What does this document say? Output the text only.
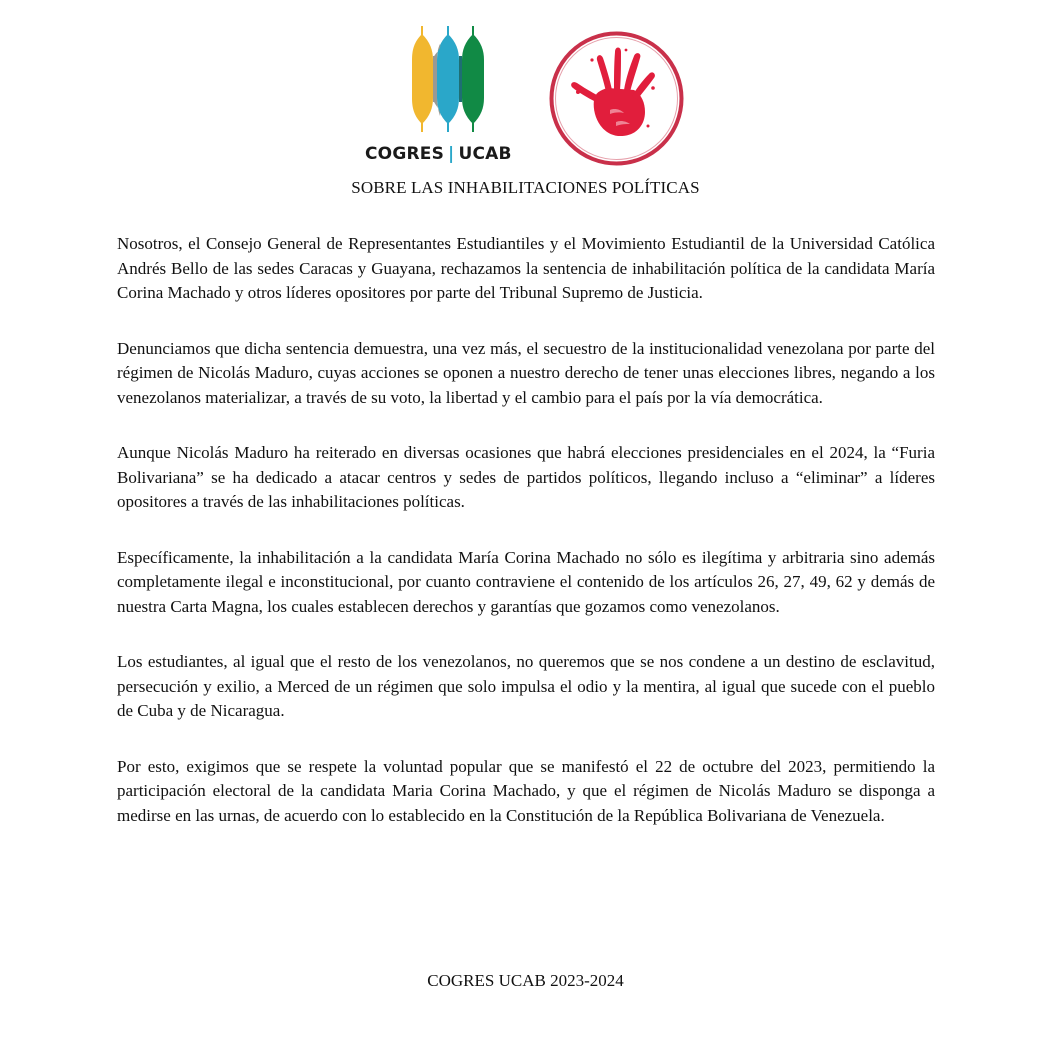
COGRES | UCAB
SOBRE LAS INHABILITACIONES POLÍTICAS

Nosotros, el Consejo General de Representantes Estudiantiles y el Movimiento Estudiantil de la Universidad Católica Andrés Bello de las sedes Caracas y Guayana, rechazamos la sentencia de inhabilitación política de la candidata María Corina Machado y otros líderes opositores por parte del Tribunal Supremo de Justicia.

Denunciamos que dicha sentencia demuestra, una vez más, el secuestro de la institucionalidad venezolana por parte del régimen de Nicolás Maduro, cuyas acciones se oponen a nuestro derecho de tener unas elecciones libres, negando a los venezolanos materializar, a través de su voto, la libertad y el cambio para el país por la vía democrática.

Aunque Nicolás Maduro ha reiterado en diversas ocasiones que habrá elecciones presidenciales en el 2024, la “Furia Bolivariana” se ha dedicado a atacar centros y sedes de partidos políticos, llegando incluso a “eliminar” a líderes opositores a través de las inhabilitaciones políticas.

Específicamente, la inhabilitación a la candidata María Corina Machado no sólo es ilegítima y arbitraria sino además completamente ilegal e inconstitucional, por cuanto contraviene el contenido de los artículos 26, 27, 49, 62 y demás de nuestra Carta Magna, los cuales establecen derechos y garantías que gozamos como venezolanos.

Los estudiantes, al igual que el resto de los venezolanos, no queremos que se nos condene a un destino de esclavitud, persecución y exilio, a Merced de un régimen que solo impulsa el odio y la mentira, al igual que sucede con el pueblo de Cuba y de Nicaragua.

Por esto, exigimos que se respete la voluntad popular que se manifestó el 22 de octubre del 2023, permitiendo la participación electoral de la candidata Maria Corina Machado, y que el régimen de Nicolás Maduro se disponga a medirse en las urnas, de acuerdo con lo establecido en la Constitución de la República Bolivariana de Venezuela.

COGRES UCAB 2023-2024
